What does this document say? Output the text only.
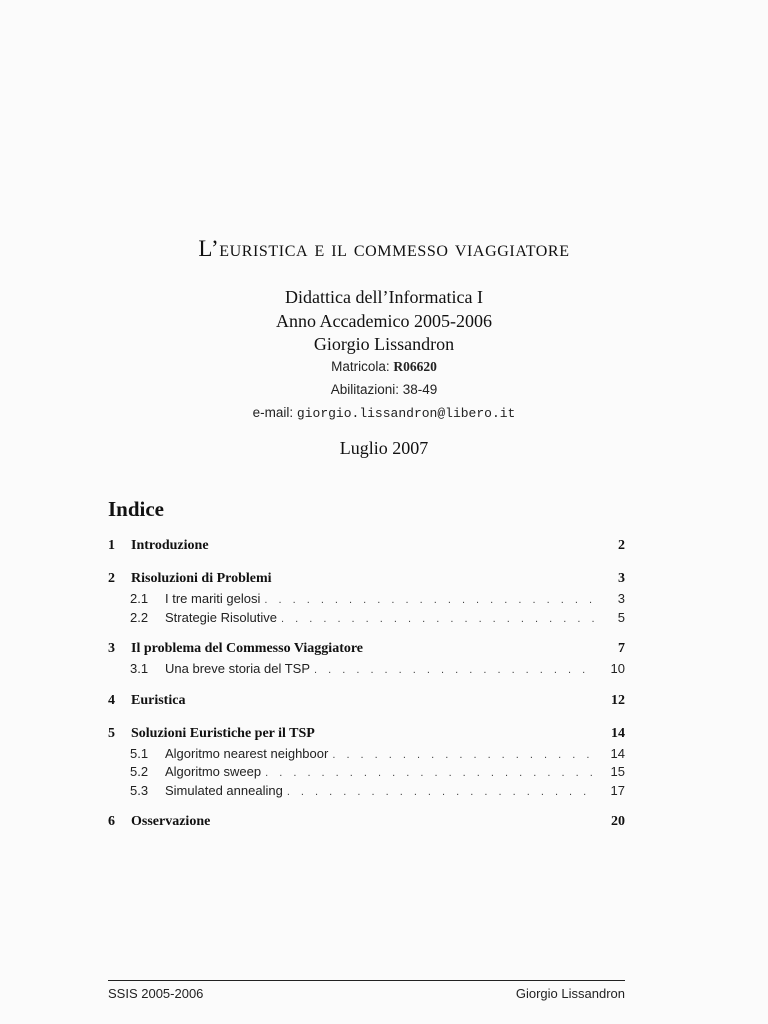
L’euristica e il commesso viaggiatore
Didattica dell’Informatica I
Anno Accademico 2005-2006
Giorgio Lissandron
Matricola: R06620
Abilitazioni: 38-49
e-mail: giorgio.lissandron@libero.it
Luglio 2007
Indice
1	Introduzione	2
2	Risoluzioni di Problemi	3
2.1	I tre mariti gelosi . . .	3
2.2	Strategie Risolutive . . .	5
3	Il problema del Commesso Viaggiatore	7
3.1	Una breve storia del TSP . . .	10
4	Euristica	12
5	Soluzioni Euristiche per il TSP	14
5.1	Algoritmo nearest neighboor . . .	14
5.2	Algoritmo sweep . . .	15
5.3	Simulated annealing . . .	17
6	Osservazione	20
SSIS 2005-2006	Giorgio Lissandron
